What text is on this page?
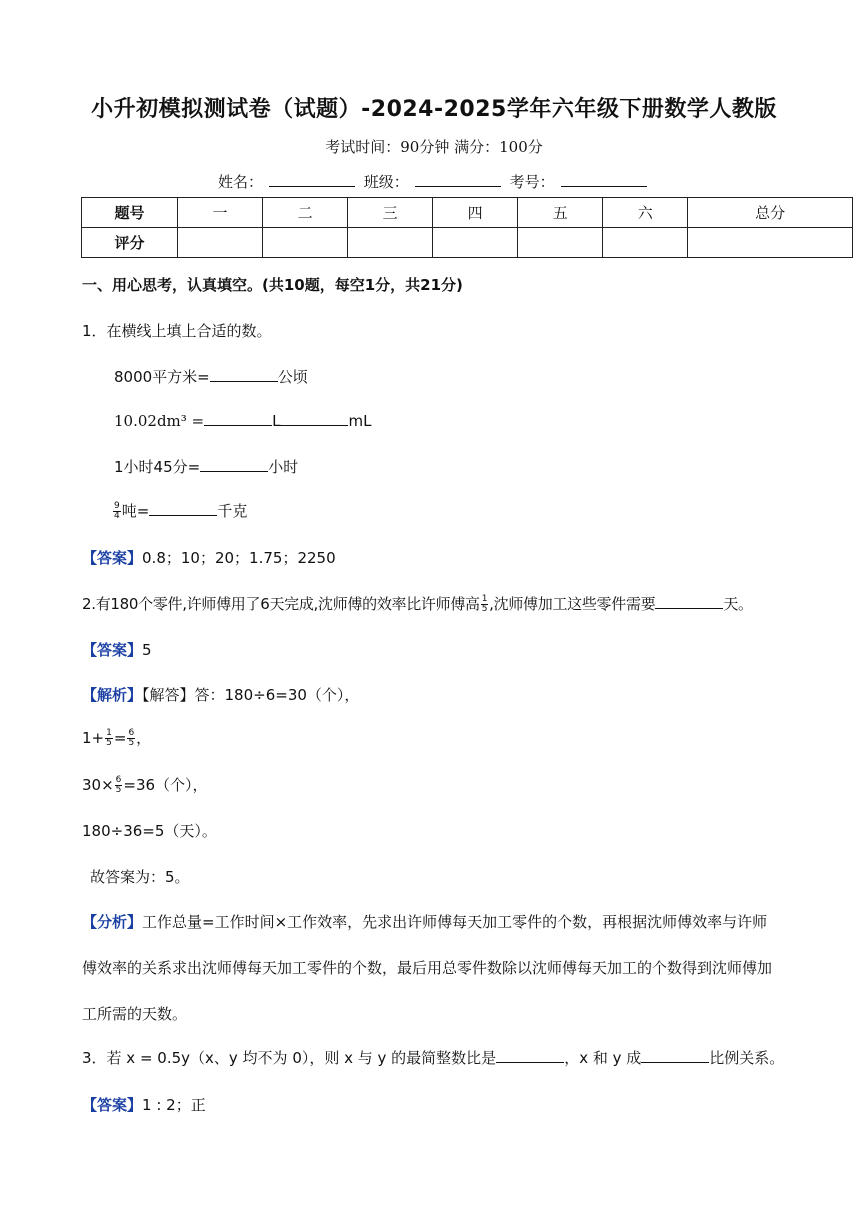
小升初模拟测试卷（试题）-2024-2025学年六年级下册数学人教版
考试时间：90分钟 满分：100分
姓名：	班级：	考号：
题号	一	二	三	四	五	六	总分
评分							
一、用心思考，认真填空。(共10题，每空1分，共21分)
1．在横线上填上合适的数。
8000平方米=	公顷
10.02dm³ =	L	mL
1小时45分=	小时
$\frac{9}{4}$ 吨=	千克
【答案】0.8；10；20；1.75；2250
2.有180个零件,许师傅用了6天完成,沈师傅的效率比许师傅高 $\frac{1}{5}$ ,沈师傅加工这些零件需要	天。
【答案】5
【解析】【解答】答：180÷6=30（个），
$1+ \frac{1}{5} = \frac{6}{5}$ ，
$30\times \frac{6}{5} =36$（个），
180÷36=5（天）。
故答案为：5。
【分析】工作总量=工作时间×工作效率，先求出许师傅每天加工零件的个数，再根据沈师傅效率与许师
傅效率的关系求出沈师傅每天加工零件的个数，最后用总零件数除以沈师傅每天加工的个数得到沈师傅加
工所需的天数。
3．若 x = 0.5y（x、y 均不为 0），则 x 与 y 的最简整数比是	，x 和 y 成	比例关系。
【答案】1 : 2；正
